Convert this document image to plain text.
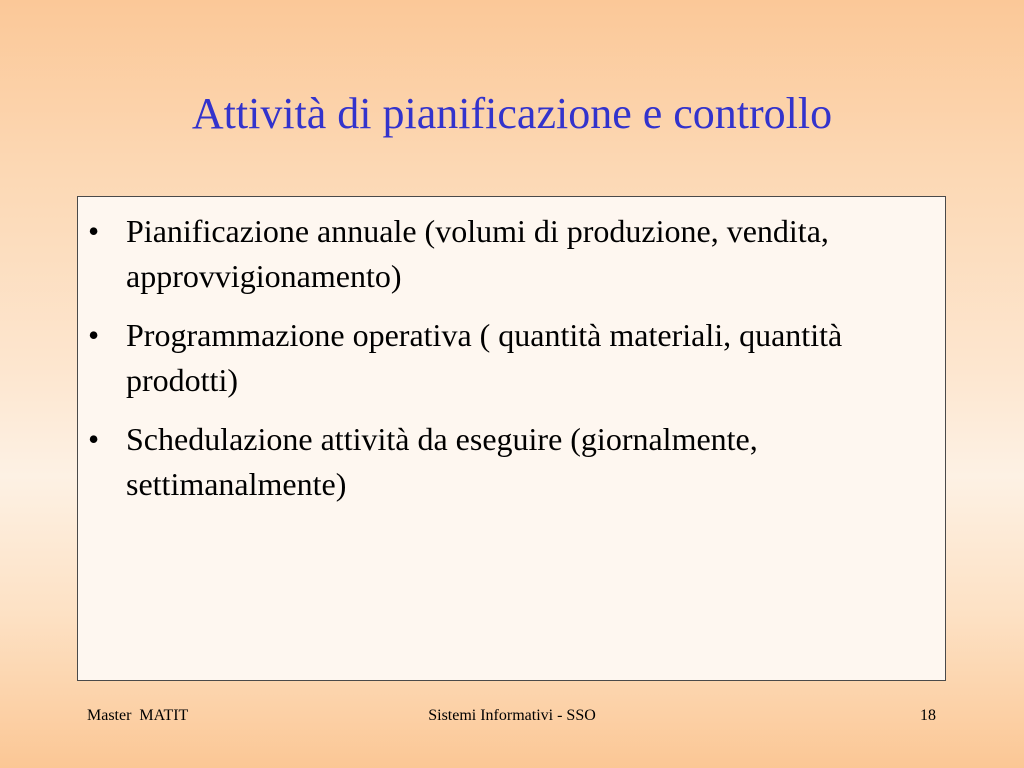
Attività di pianificazione e controllo
• Pianificazione annuale (volumi di produzione, vendita, approvvigionamento)
• Programmazione operativa ( quantità materiali, quantità prodotti)
• Schedulazione attività da eseguire (giornalmente, settimanalmente)
Master  MATIT	Sistemi Informativi - SSO	18
